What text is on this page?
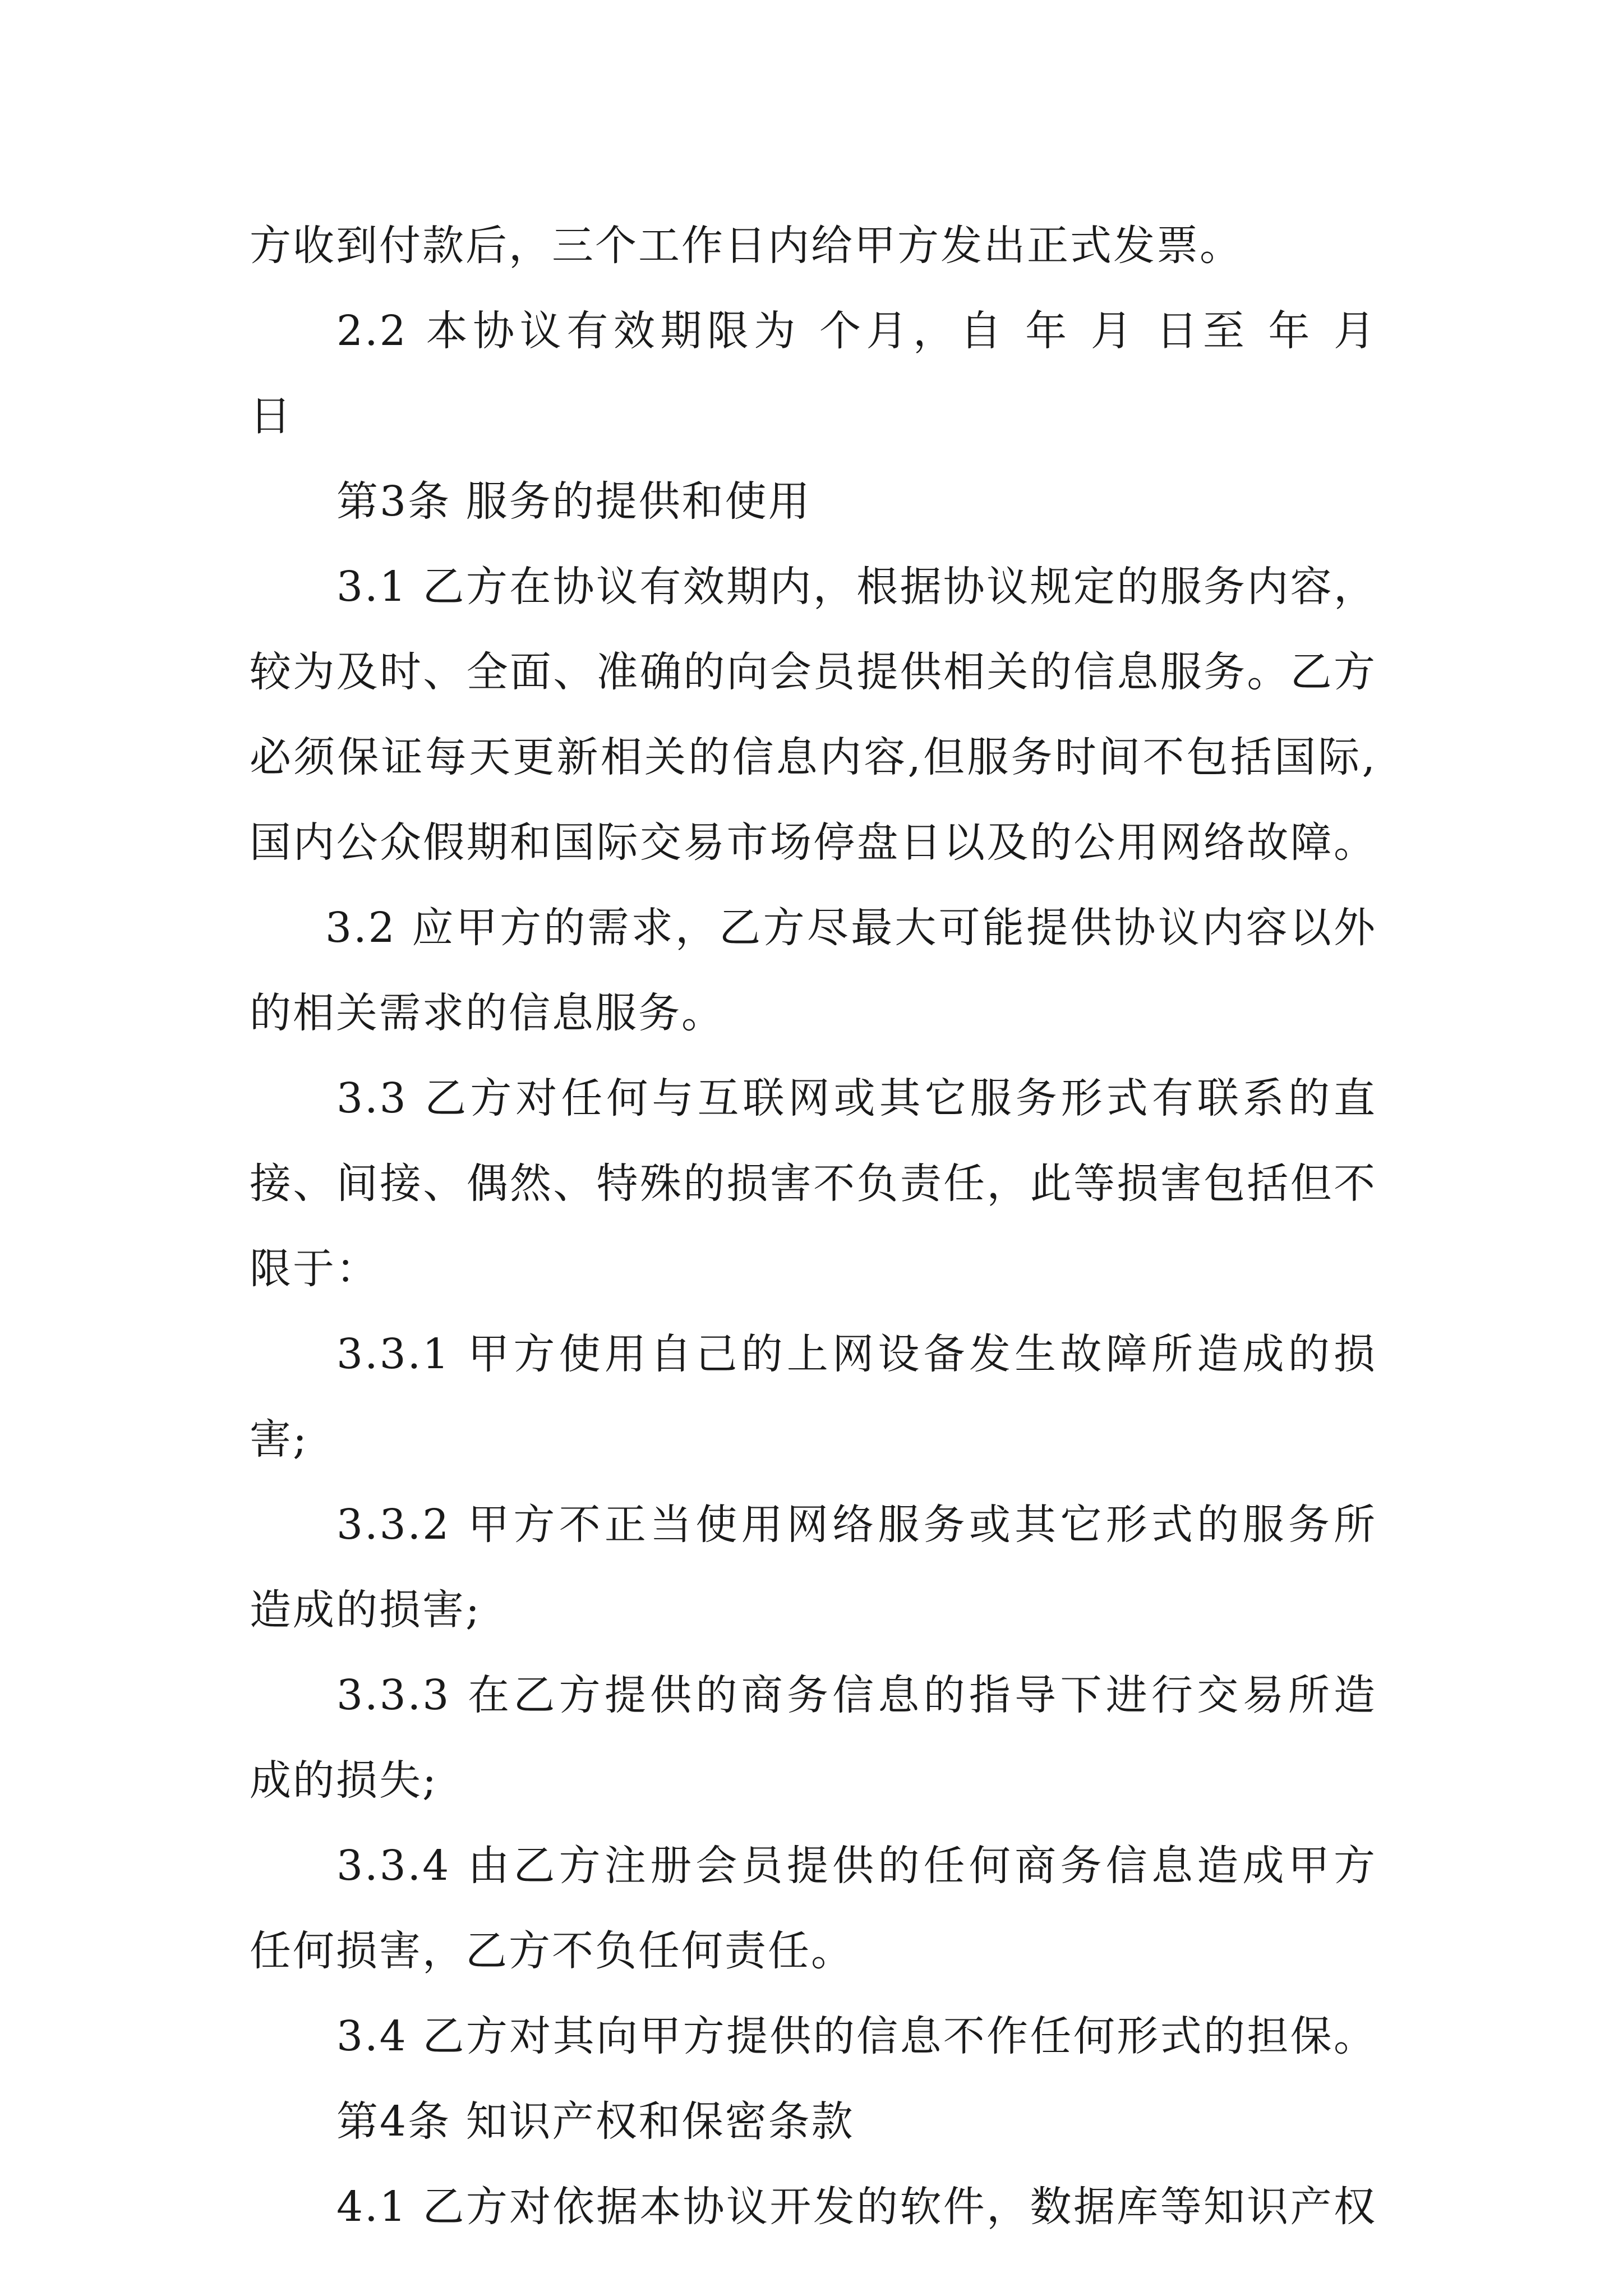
方收到付款后，三个工作日内给甲方发出正式发票。
2.2 本协议有效期限为 个月，自 年 月 日至 年 月
日
第3条 服务的提供和使用
3.1 乙方在协议有效期内，根据协议规定的服务内容，
较为及时、全面、准确的向会员提供相关的信息服务。乙方
必须保证每天更新相关的信息内容,但服务时间不包括国际,
国内公众假期和国际交易市场停盘日以及的公用网络故障。
3.2 应甲方的需求，乙方尽最大可能提供协议内容以外
的相关需求的信息服务。
3.3 乙方对任何与互联网或其它服务形式有联系的直
接、间接、偶然、特殊的损害不负责任，此等损害包括但不
限于：
3.3.1 甲方使用自己的上网设备发生故障所造成的损
害;
3.3.2 甲方不正当使用网络服务或其它形式的服务所
造成的损害;
3.3.3 在乙方提供的商务信息的指导下进行交易所造
成的损失;
3.3.4 由乙方注册会员提供的任何商务信息造成甲方
任何损害，乙方不负任何责任。
3.4 乙方对其向甲方提供的信息不作任何形式的担保。
第4条 知识产权和保密条款
4.1 乙方对依据本协议开发的软件，数据库等知识产权
